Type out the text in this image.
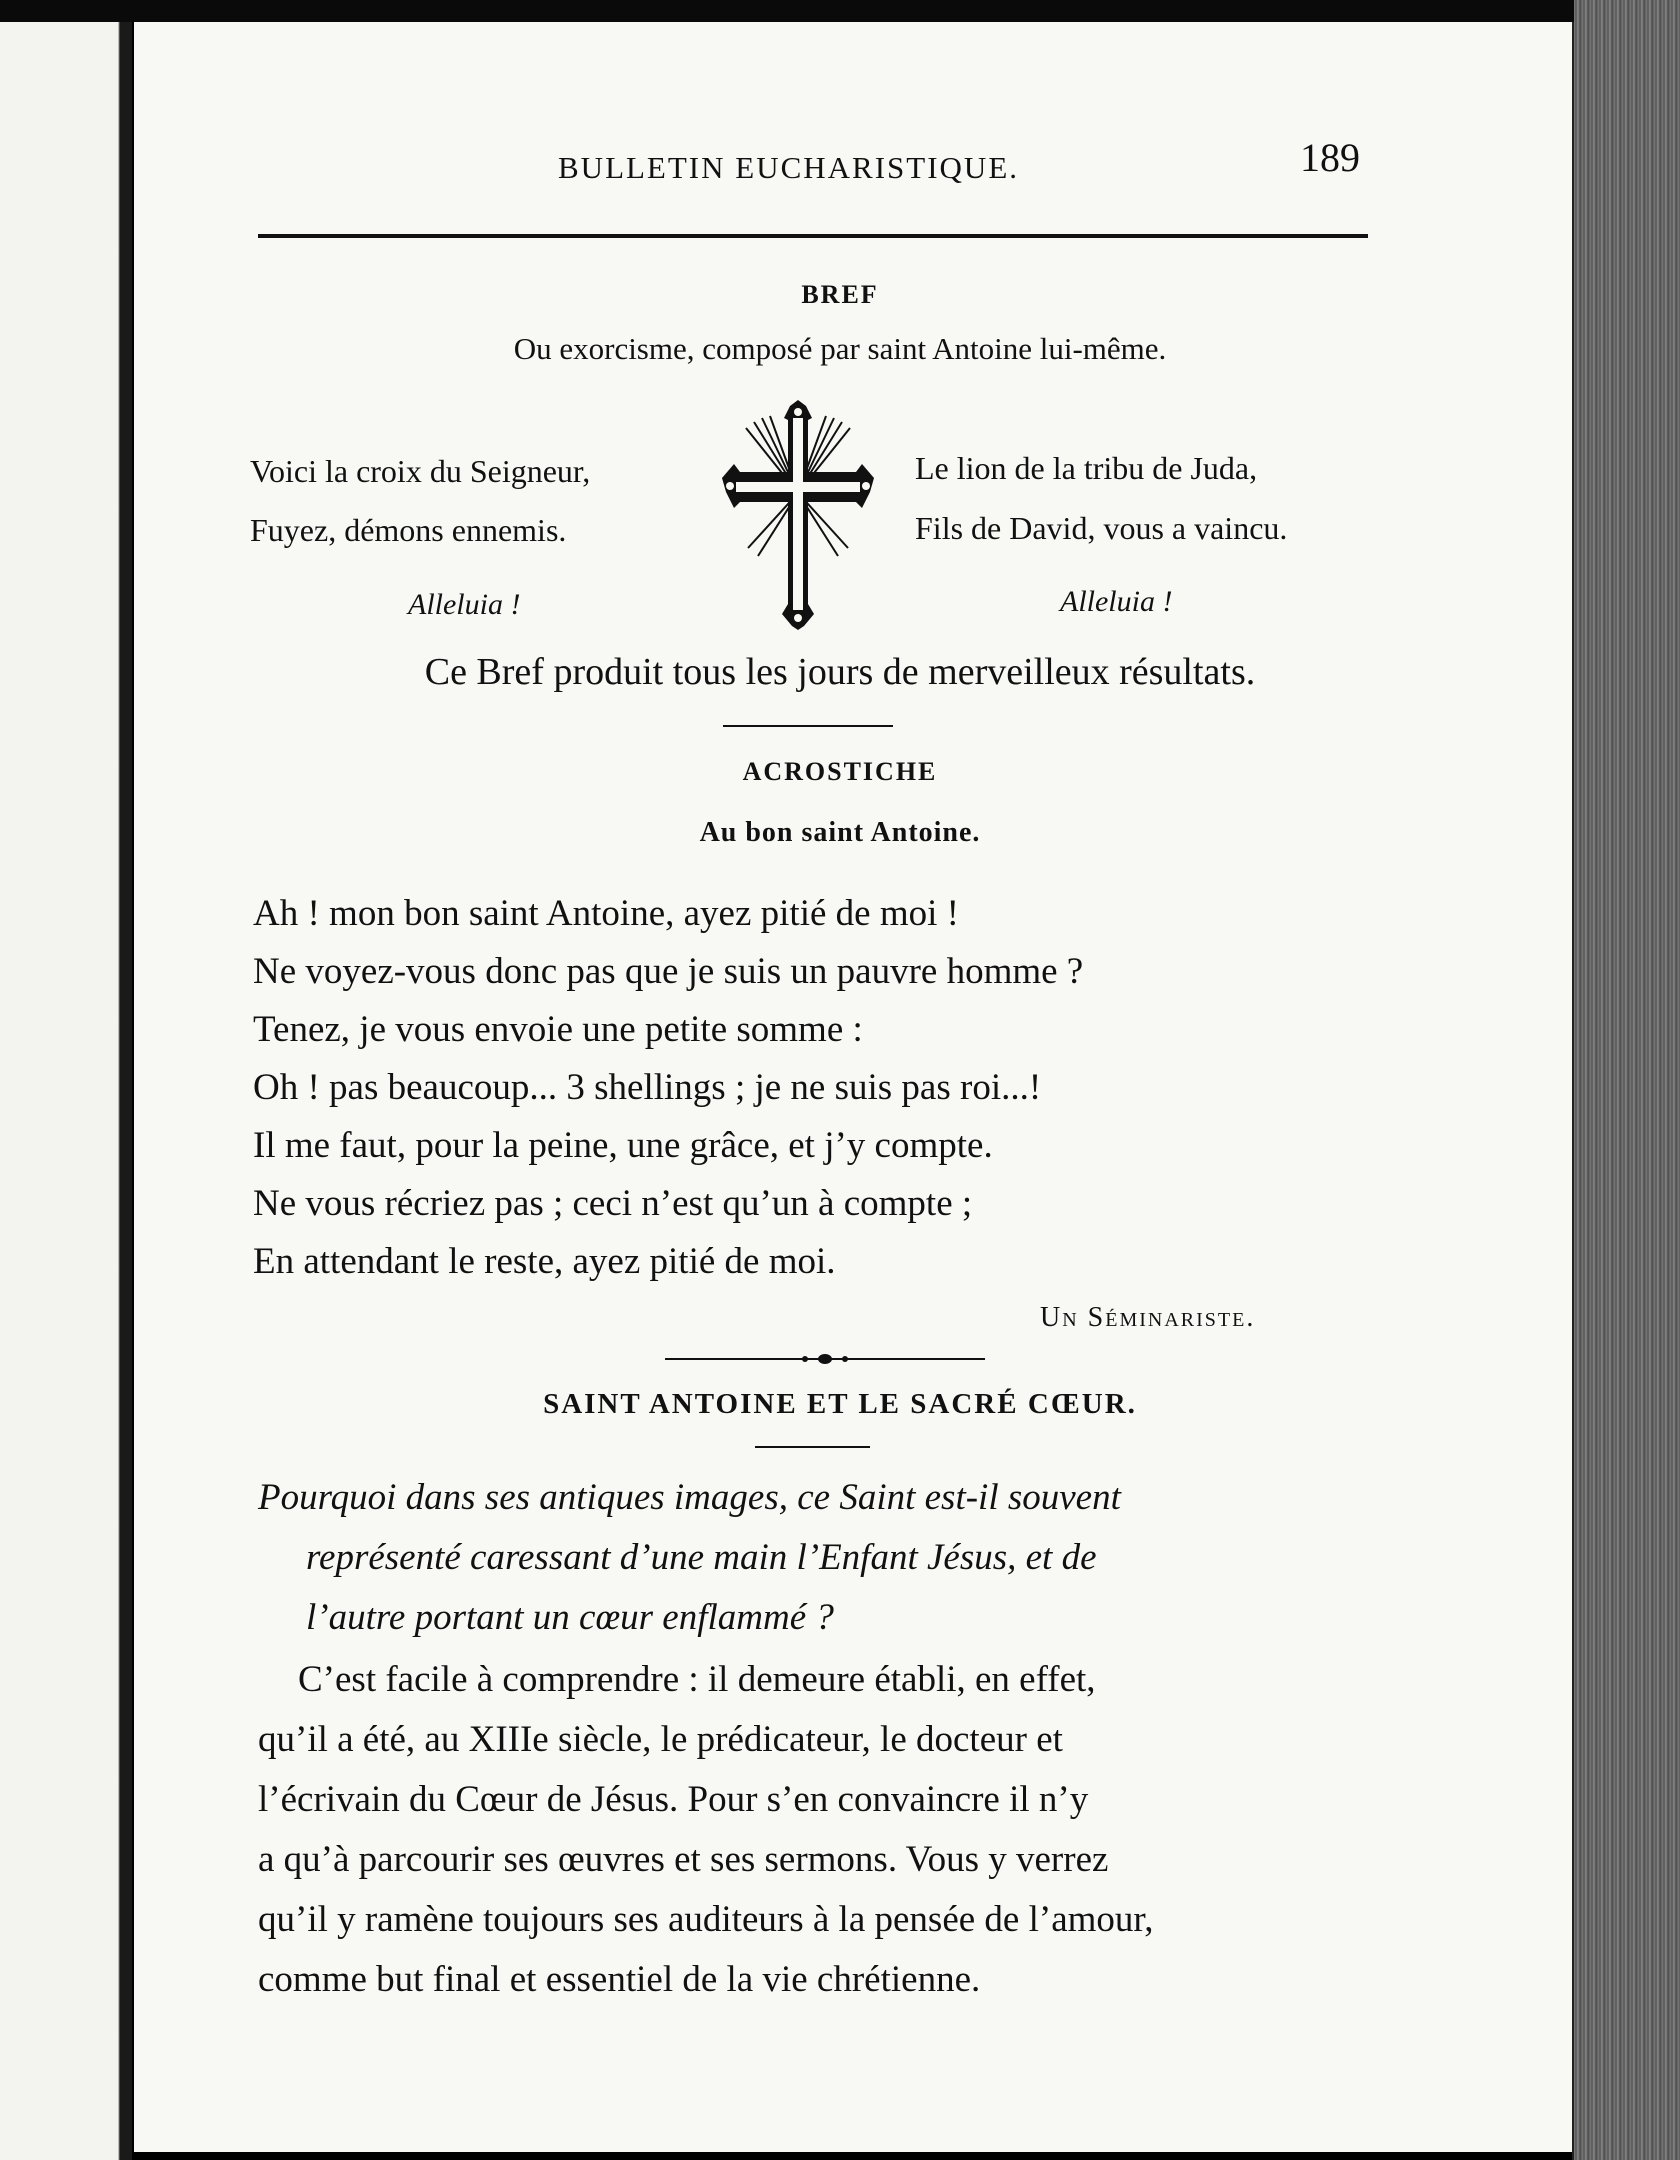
BULLETIN EUCHARISTIQUE.	189
BREF
Ou exorcisme, composé par saint Antoine lui-même.
Voici la croix du Seigneur,
Fuyez, démons ennemis.
Le lion de la tribu de Juda,
Fils de David, vous a vaincu.
Alleluia !	Alleluia !
Ce Bref produit tous les jours de merveilleux résultats.
ACROSTICHE
Au bon saint Antoine.
Ah ! mon bon saint Antoine, ayez pitié de moi !
Ne voyez-vous donc pas que je suis un pauvre homme ?
Tenez, je vous envoie une petite somme :
Oh ! pas beaucoup... 3 shellings ; je ne suis pas roi...!
Il me faut, pour la peine, une grâce, et j’y compte.
Ne vous récriez pas ; ceci n’est qu’un à compte ;
En attendant le reste, ayez pitié de moi.
Un Séminariste.
SAINT ANTOINE ET LE SACRÉ CŒUR.
Pourquoi dans ses antiques images, ce Saint est-il souvent
représenté caressant d’une main l’Enfant Jésus, et de
l’autre portant un cœur enflammé ?
C’est facile à comprendre : il demeure établi, en effet,
qu’il a été, au XIIIe siècle, le prédicateur, le docteur et
l’écrivain du Cœur de Jésus. Pour s’en convaincre il n’y
a qu’à parcourir ses œuvres et ses sermons. Vous y verrez
qu’il y ramène toujours ses auditeurs à la pensée de l’amour,
comme but final et essentiel de la vie chrétienne.
